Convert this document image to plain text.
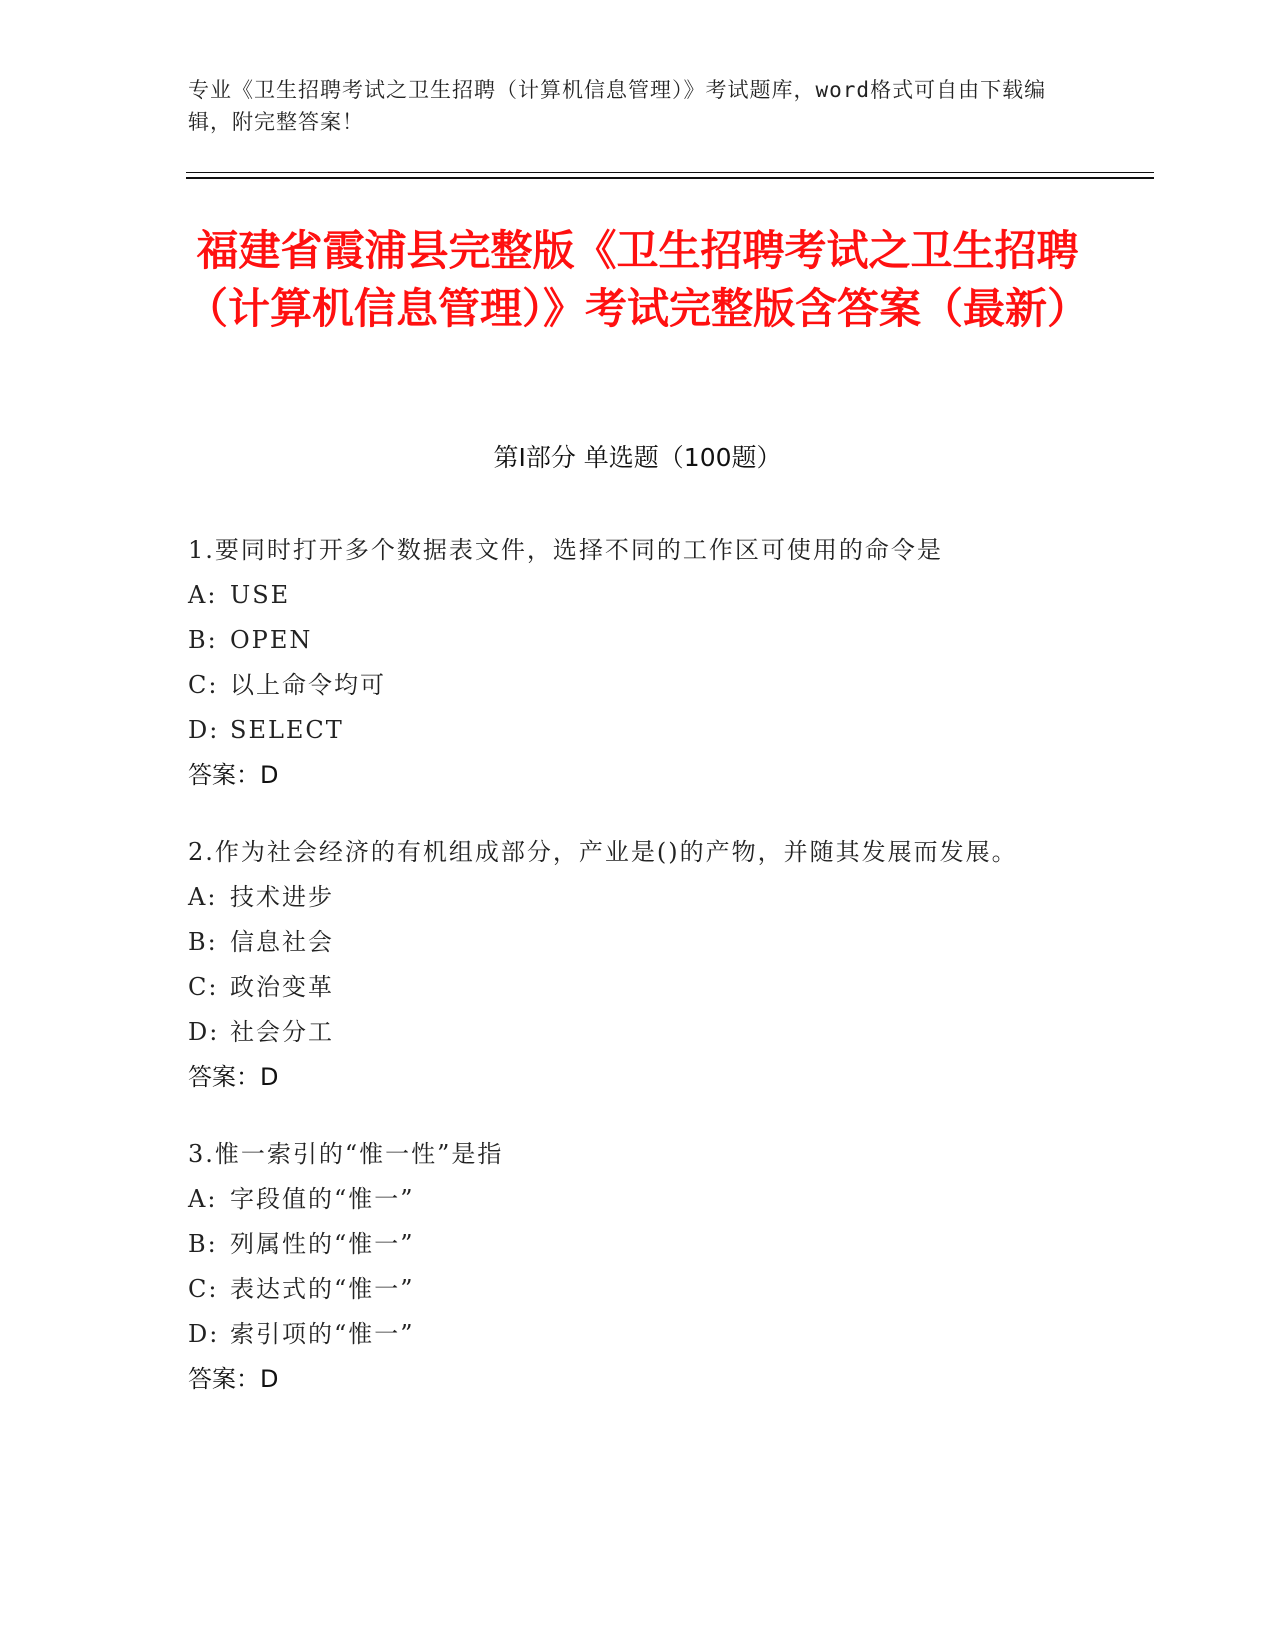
专业《卫生招聘考试之卫生招聘（计算机信息管理）》考试题库，word格式可自由下载编辑，附完整答案！
福建省霞浦县完整版《卫生招聘考试之卫生招聘（计算机信息管理）》考试完整版含答案（最新）
第I部分 单选题（100题）
1.要同时打开多个数据表文件，选择不同的工作区可使用的命令是
A: USE
B: OPEN
C: 以上命令均可
D: SELECT
答案：D
2.作为社会经济的有机组成部分，产业是()的产物，并随其发展而发展。
A: 技术进步
B: 信息社会
C: 政治变革
D: 社会分工
答案：D
3.惟一索引的“惟一性”是指
A: 字段值的“惟一”
B: 列属性的“惟一”
C: 表达式的“惟一”
D: 索引项的“惟一”
答案：D
